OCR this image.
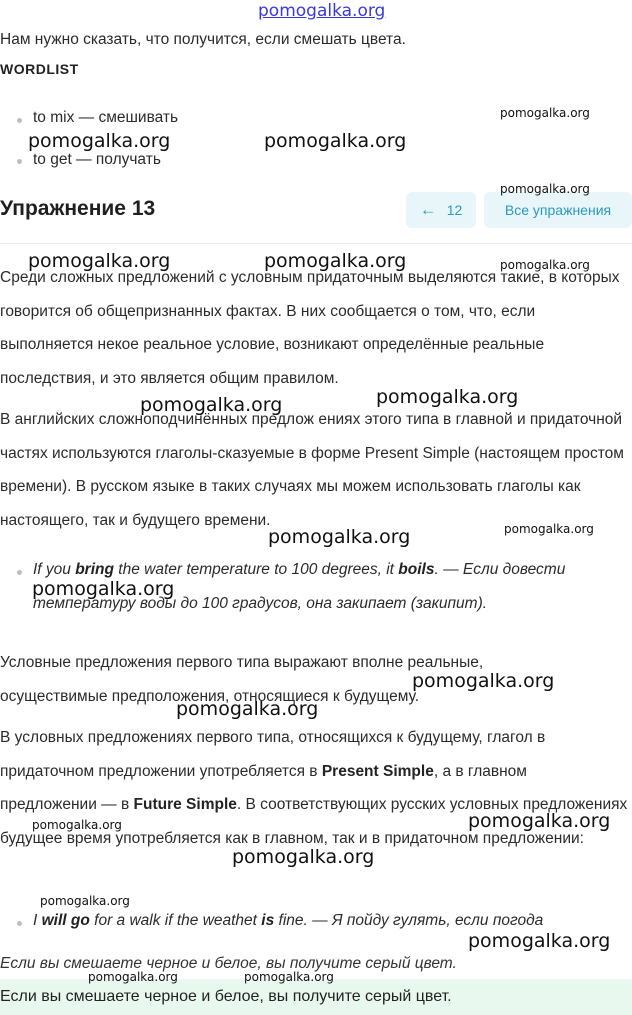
pomogalka.org
Нам нужно сказать, что получится, если смешать цвета.
WORDLIST
to mix — смешивать
to get — получать
Упражнение 13	← 12	Все упражнения
Среди сложных предложений с условным придаточным выделяются такие, в которых говорится об общепризнанных фактах. В них сообщается о том, что, если выполняется некое реальное условие, возникают определённые реальные последствия, и это является общим правилом.
В английских сложноподчинённых предлож ениях этого типа в главной и придаточной частях используются глаголы-сказуемые в форме Present Simple (настоящем простом времени). В русском языке в таких случаях мы можем использовать глаголы как настоящего, так и будущего времени.
If you bring the water temperature to 100 degrees, it boils. — Если довести температуру воды до 100 градусов, она закипает (закипит).
Условные предложения первого типа выражают вполне реальные, осуществимые предположения, относящиеся к будущему.
В условных предложениях первого типа, относящихся к будущему, глагол в придаточном предложении употребляется в Present Simple, а в главном предложении — в Future Simple. В соответствующих русских условных предложениях будущее время употребляется как в главном, так и в придаточном предложении:
I will go for a walk if the weathet is fine. — Я пойду гулять, если погода
Если вы смешаете черное и белое, вы получите серый цвет.
Если вы смешаете черное и белое, вы получите серый цвет.
pomogalka.org
pomogalka.org	pomogalka.org
pomogalka.org
pomogalka.org	pomogalka.org	pomogalka.org
pomogalka.org
pomogalka.org
pomogalka.org
pomogalka.org
pomogalka.org
pomogalka.org
pomogalka.org
pomogalka.org	pomogalka.org
pomogalka.org
pomogalka.org
pomogalka.org
pomogalka.org	pomogalka.org
